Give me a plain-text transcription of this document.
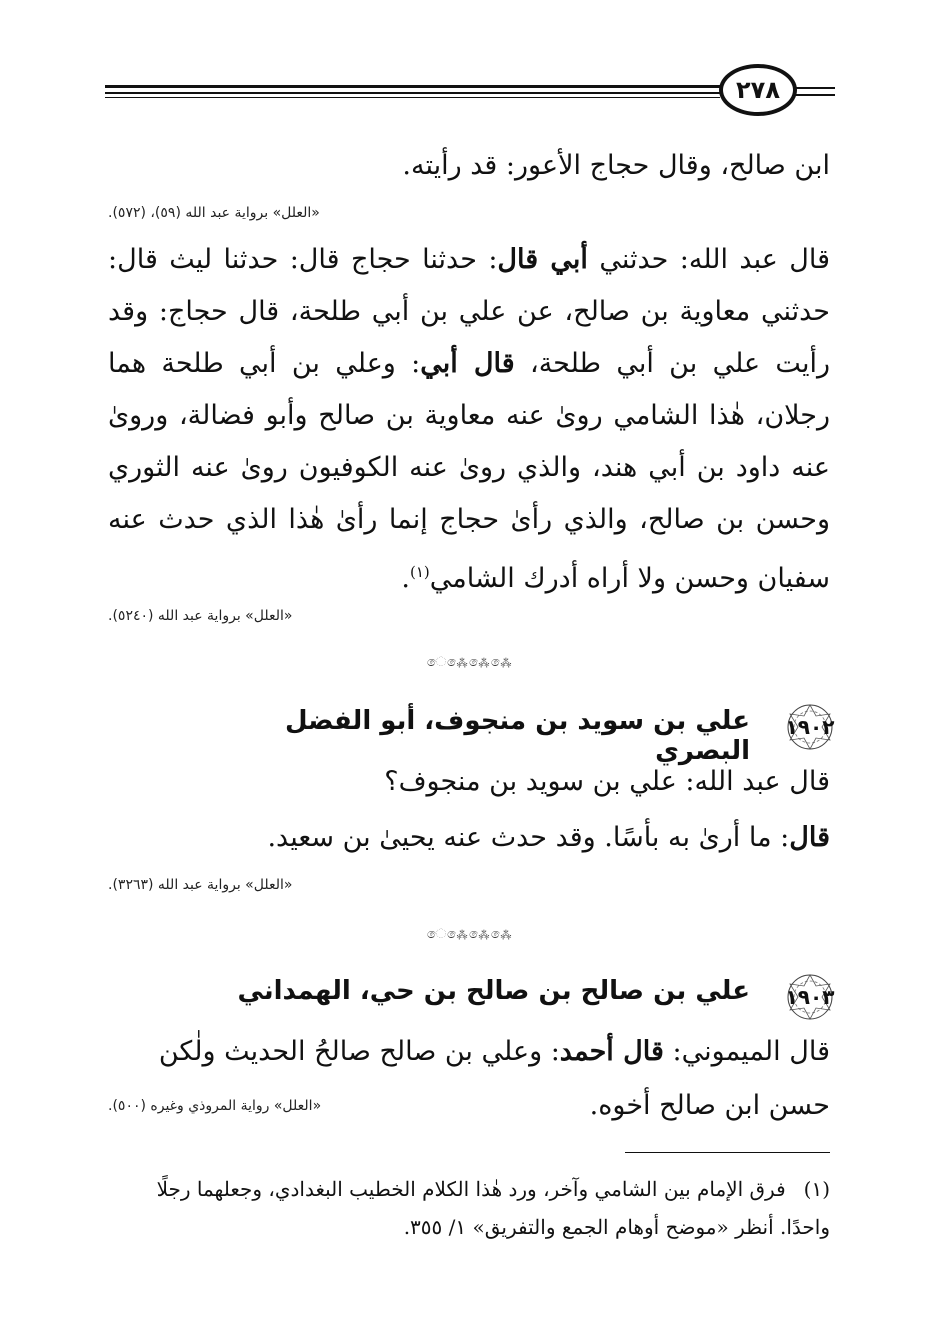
٢٧٨
ابن صالح، وقال حجاج الأعور: قد رأيته.
«العلل» برواية عبد الله (٥٩)، (٥٧٢).
قال عبد الله: حدثني أبي قال: حدثنا حجاج قال: حدثنا ليث قال: حدثني معاوية بن صالح، عن علي بن أبي طلحة، قال حجاج: وقد رأيت علي بن أبي طلحة، قال أبي: وعلي بن أبي طلحة هما رجلان، هٰذا الشامي روىٰ عنه معاوية بن صالح وأبو فضالة، وروىٰ عنه داود بن أبي هند، والذي روىٰ عنه الكوفيون روىٰ عنه الثوري وحسن بن صالح، والذي رأىٰ حجاج إنما رأىٰ هٰذا الذي حدث عنه سفيان وحسن ولا أراه أدرك الشامي$^{(١)}$.
«العلل» برواية عبد الله (٥٢٤٠).
ෙ⁂ෙ⁂ෙ⁂ෙ
١٩٠٢
علي بن سويد بن منجوف، أبو الفضل البصري
قال عبد الله: علي بن سويد بن منجوف؟
قال: ما أرىٰ به بأسًا. وقد حدث عنه يحيىٰ بن سعيد.
«العلل» برواية عبد الله (٣٢٦٣).
ෙ⁂ෙ⁂ෙ⁂ෙ
١٩٠٣
علي بن صالح بن صالح بن حي، الهمداني
قال الميموني: قال أحمد: وعلي بن صالح صالحُ الحديث ولٰكن
حسن ابن صالح أخوه.
«العلل» رواية المروذي وغيره (٥٠٠).
(١)فرق الإمام بين الشامي وآخر، ورد هٰذا الكلام الخطيب البغدادي، وجعلهما رجلًا واحدًا. أنظر «موضح أوهام الجمع والتفريق» ١/ ٣٥٥.
